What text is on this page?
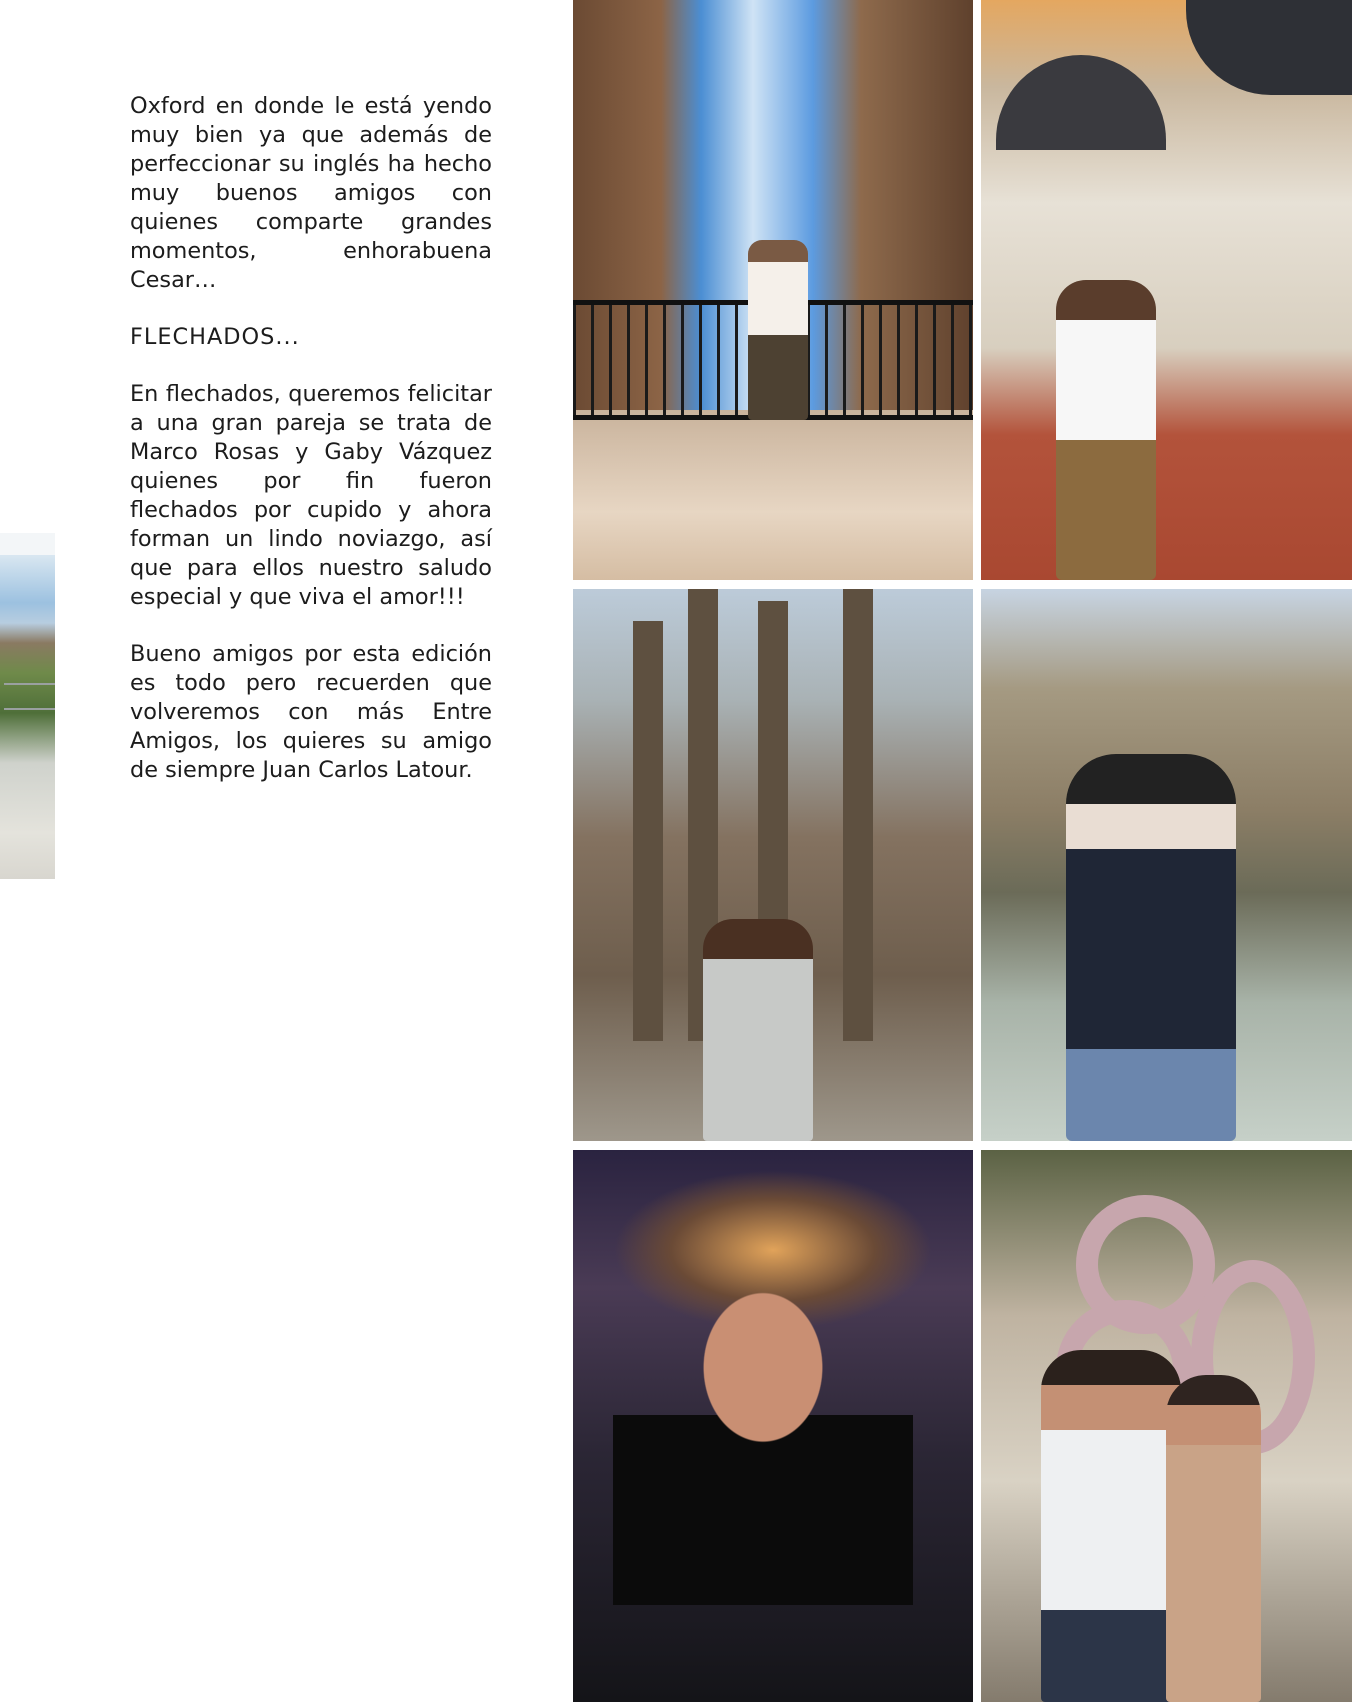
Oxford en donde le está yendo muy bien ya que además de perfeccionar su inglés ha hecho muy buenos amigos con quienes comparte grandes momentos, enhorabuena Cesar…

FLECHADOS...

En flechados, queremos felicitar a una gran pareja se trata de Marco Rosas y Gaby Vázquez quienes por fin fueron flechados por cupido y ahora forman un lindo noviazgo, así que para ellos nuestro saludo especial y que viva el amor!!!

Bueno amigos por esta edición es todo pero recuerden que volveremos con más Entre Amigos, los quieres su amigo de siempre Juan Carlos Latour.
